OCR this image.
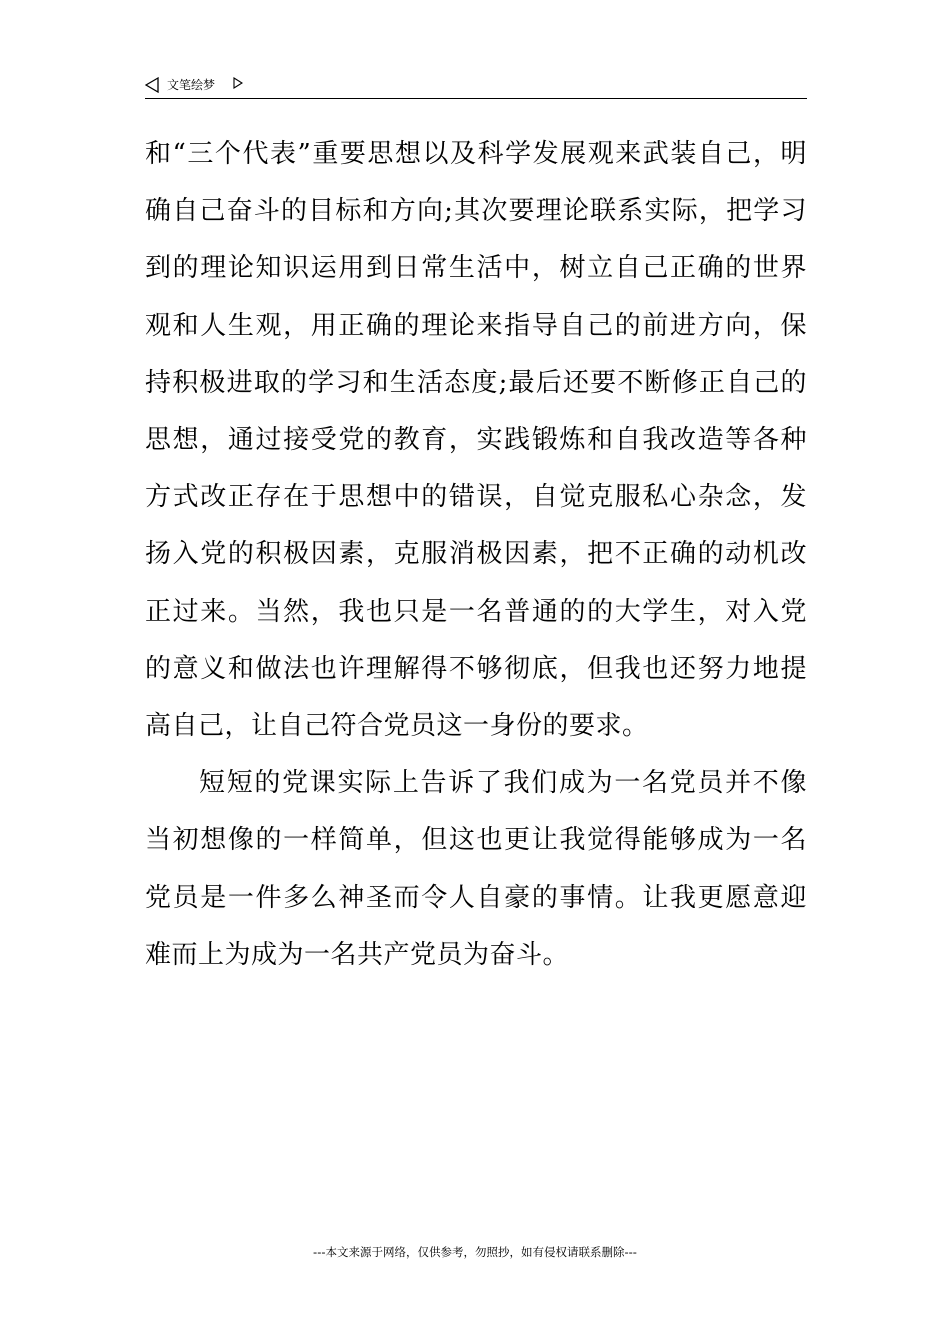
文笔绘梦

和“三个代表”重要思想以及科学发展观来武装自己，明确自己奋斗的目标和方向;其次要理论联系实际，把学习到的理论知识运用到日常生活中，树立自己正确的世界观和人生观，用正确的理论来指导自己的前进方向，保持积极进取的学习和生活态度;最后还要不断修正自己的思想，通过接受党的教育，实践锻炼和自我改造等各种方式改正存在于思想中的错误，自觉克服私心杂念，发扬入党的积极因素，克服消极因素，把不正确的动机改正过来。当然，我也只是一名普通的的大学生，对入党的意义和做法也许理解得不够彻底，但我也还努力地提高自己，让自己符合党员这一身份的要求。

短短的党课实际上告诉了我们成为一名党员并不像当初想像的一样简单，但这也更让我觉得能够成为一名党员是一件多么神圣而令人自豪的事情。让我更愿意迎难而上为成为一名共产党员为奋斗。

---本文来源于网络，仅供参考，勿照抄，如有侵权请联系删除---
